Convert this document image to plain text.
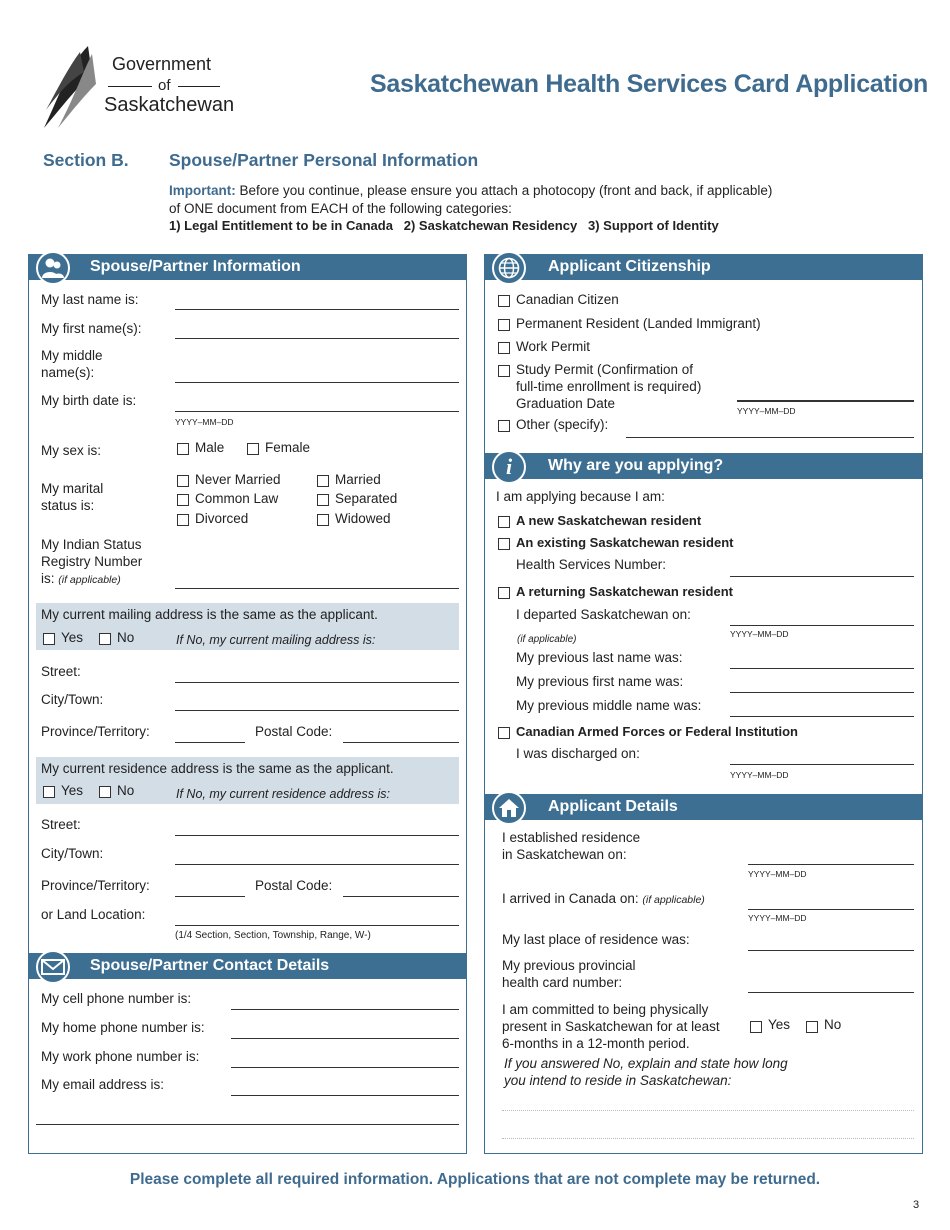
Government
of
Saskatchewan
Saskatchewan Health Services Card Application
Section B. Spouse/Partner Personal Information
Important: Before you continue, please ensure you attach a photocopy (front and back, if applicable)
of ONE document from EACH of the following categories:
1) Legal Entitlement to be in Canada   2) Saskatchewan Residency   3) Support of Identity
Spouse/Partner Information
My last name is:
My first name(s):
My middle
name(s):
My birth date is:
YYYY–MM–DD
My sex is:	Male	Female
My marital
status is:
Never Married	Married
Common Law	Separated
Divorced	Widowed
My Indian Status
Registry Number
is: (if applicable)
My current mailing address is the same as the applicant.
Yes	No	If No, my current mailing address is:
Street:
City/Town:
Province/Territory:	Postal Code:
My current residence address is the same as the applicant.
Yes	No	If No, my current residence address is:
Street:
City/Town:
Province/Territory:	Postal Code:
or Land Location:
(1/4 Section, Section, Township, Range, W-)
Spouse/Partner Contact Details
My cell phone number is:
My home phone number is:
My work phone number is:
My email address is:
Applicant Citizenship
Canadian Citizen
Permanent Resident (Landed Immigrant)
Work Permit
Study Permit (Confirmation of
full-time enrollment is required)
Graduation Date	YYYY–MM–DD
Other (specify):
i Why are you applying?
I am applying because I am:
A new Saskatchewan resident
An existing Saskatchewan resident
Health Services Number:
A returning Saskatchewan resident
I departed Saskatchewan on:
(if applicable)	YYYY–MM–DD
My previous last name was:
My previous first name was:
My previous middle name was:
Canadian Armed Forces or Federal Institution
I was discharged on:
YYYY–MM–DD
Applicant Details
I established residence
in Saskatchewan on:
YYYY–MM–DD
I arrived in Canada on: (if applicable)
YYYY–MM–DD
My last place of residence was:
My previous provincial
health card number:
I am committed to being physically
present in Saskatchewan for at least
6-months in a 12-month period.
Yes	No
If you answered No, explain and state how long
you intend to reside in Saskatchewan:
Please complete all required information. Applications that are not complete may be returned.
3
